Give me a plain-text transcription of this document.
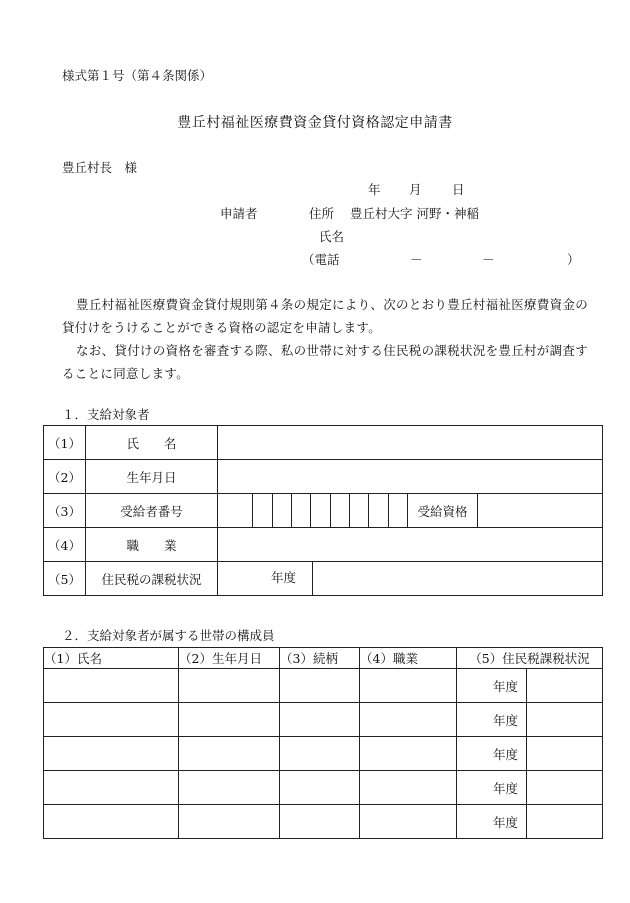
様式第１号（第４条関係）
豊丘村福祉医療費資金貸付資格認定申請書
豊丘村長　様
年 月 日
申請者	住所 豊丘村大字 河野・神稲
氏名
（電話	－	－	）
豊丘村福祉医療費資金貸付規則第４条の規定により、次のとおり豊丘村福祉医療費資金の貸付けをうけることができる資格の認定を申請します。
なお、貸付けの資格を審査する際、私の世帯に対する住民税の課税状況を豊丘村が調査することに同意します。
１．支給対象者
（1）	氏　　名			
（2）	生年月日			
（3）	受給者番号		受給資格	
（4）	職　　業			
（5）	住民税の課税状況	年度		
２．支給対象者が属する世帯の構成員
（1）氏名	（2）生年月日	（3）続柄	（4）職業	（5）住民税課税状況	
				年度	
				年度	
				年度	
				年度	
				年度	
